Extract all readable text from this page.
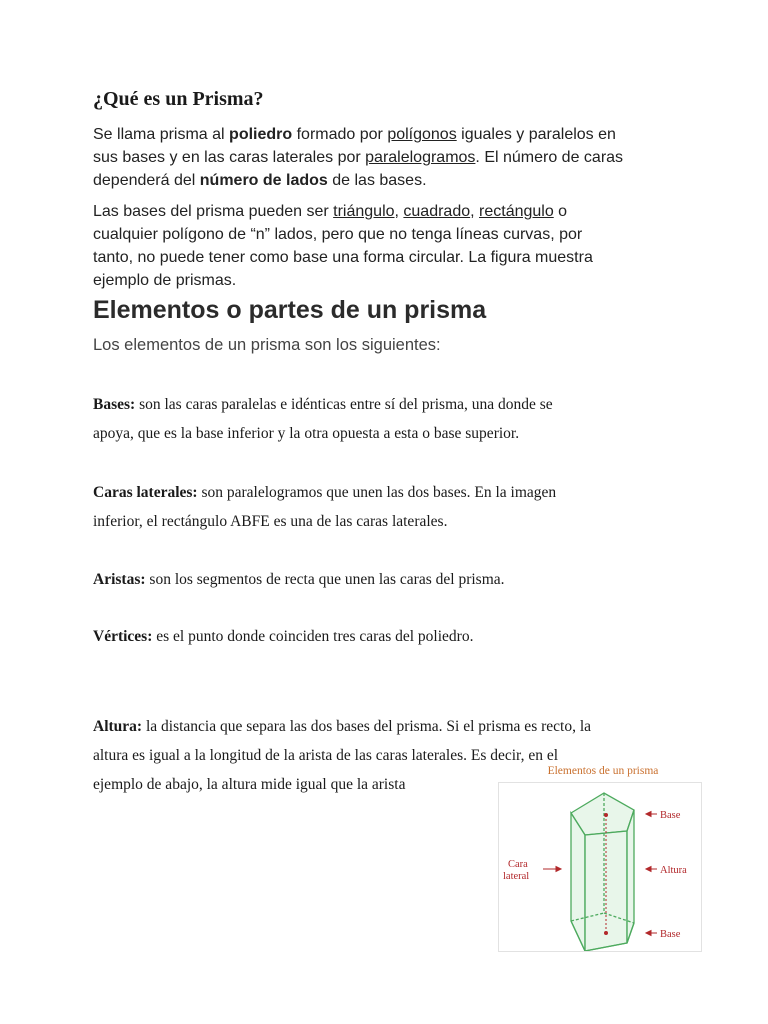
¿Qué es un Prisma?
Se llama prisma al poliedro formado por polígonos iguales y paralelos en
sus bases y en las caras laterales por paralelogramos. El número de caras
dependerá del número de lados de las bases.
Las bases del prisma pueden ser triángulo, cuadrado, rectángulo o
cualquier polígono de “n” lados, pero que no tenga líneas curvas, por
tanto, no puede tener como base una forma circular. La figura muestra
ejemplo de prismas.
Elementos o partes de un prisma
Los elementos de un prisma son los siguientes:
Bases: son las caras paralelas e idénticas entre sí del prisma, una donde se
apoya, que es la base inferior y la otra opuesta a esta o base superior.
Caras laterales: son paralelogramos que unen las dos bases. En la imagen
inferior, el rectángulo ABFE es una de las caras laterales.
Aristas: son los segmentos de recta que unen las caras del prisma.
Vértices: es el punto donde coinciden tres caras del poliedro.
Altura: la distancia que separa las dos bases del prisma. Si el prisma es recto, la
altura es igual a la longitud de la arista de las caras laterales. Es decir, en el
ejemplo de abajo, la altura mide igual que la arista
Elementos de un prisma
Base
Altura
Base
Cara
lateral
